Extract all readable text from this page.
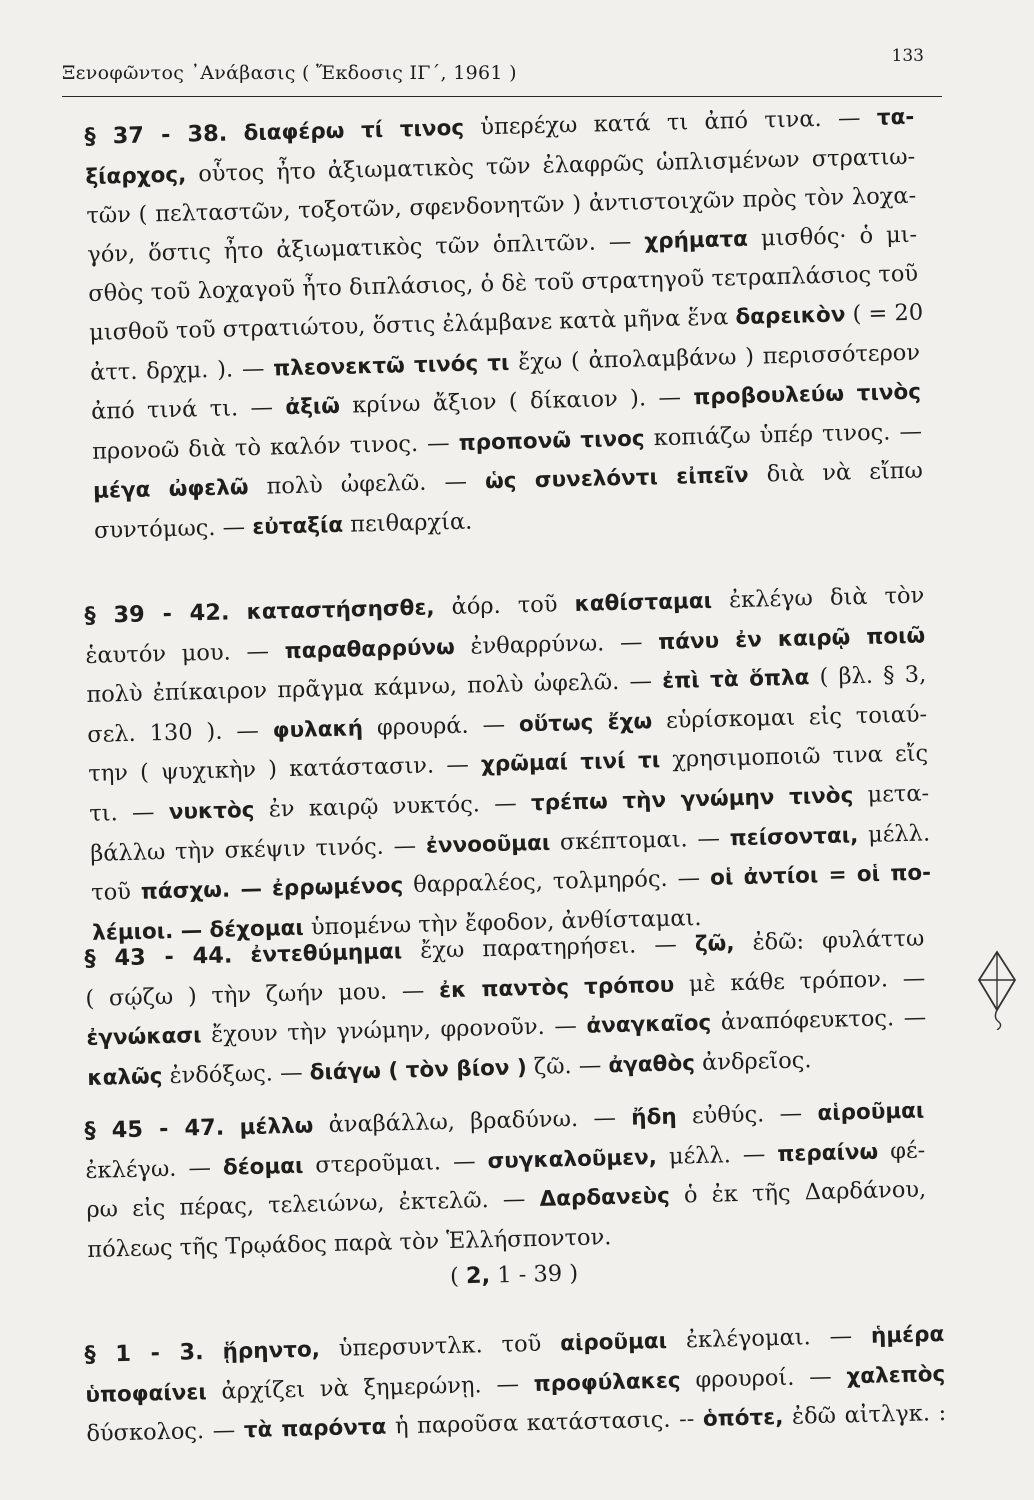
Ξενοφῶντος ᾿Ανάβασις ( Ἔκδοσις ΙΓ΄, 1961 )
133
§ 37 - 38. διαφέρω τί τινος ὑπερέχω κατά τι ἀπό τινα. — τα-
ξίαρχος, οὗτος ἦτο ἀξιωματικὸς τῶν ἐλαφρῶς ὡπλισμένων στρατιω-
τῶν ( πελταστῶν, τοξοτῶν, σφενδονητῶν ) ἀντιστοιχῶν πρὸς τὸν λοχα-
γόν, ὅστις ἦτο ἀξιωματικὸς τῶν ὁπλιτῶν. — χρήματα μισθός· ὁ μι-
σθὸς τοῦ λοχαγοῦ ἦτο διπλάσιος, ὁ δὲ τοῦ στρατηγοῦ τετραπλάσιος τοῦ
μισθοῦ τοῦ στρατιώτου, ὅστις ἐλάμβανε κατὰ μῆνα ἕνα δαρεικὸν ( = 20
ἀττ. δρχμ. ). — πλεονεκτῶ τινός τι ἔχω ( ἀπολαμβάνω ) περισσότερον
ἀπό τινά τι. — ἀξιῶ κρίνω ἄξιον ( δίκαιον ). — προβουλεύω τινὸς
προνοῶ διὰ τὸ καλόν τινος. — προπονῶ τινος κοπιάζω ὑπέρ τινος. —
μέγα ὠφελῶ πολὺ ὠφελῶ. — ὡς συνελόντι εἰπεῖν διὰ νὰ εἴπω
συντόμως. — εὐταξία πειθαρχία.
§ 39 - 42. καταστήσησθε, ἀόρ. τοῦ καθίσταμαι ἐκλέγω διὰ τὸν
ἑαυτόν μου. — παραθαρρύνω ἐνθαρρύνω. — πάνυ ἐν καιρῷ ποιῶ
πολὺ ἐπίκαιρον πρᾶγμα κάμνω, πολὺ ὠφελῶ. — ἐπὶ τὰ ὅπλα ( βλ. § 3,
σελ. 130 ). — φυλακή φρουρά. — οὕτως ἔχω εὑρίσκομαι εἰς τοιαύ-
την ( ψυχικὴν ) κατάστασιν. — χρῶμαί τινί τι χρησιμοποιῶ τινα εἴς
τι. — νυκτὸς ἐν καιρῷ νυκτός. — τρέπω τὴν γνώμην τινὸς μετα-
βάλλω τὴν σκέψιν τινός. — ἐννοοῦμαι σκέπτομαι. — πείσονται, μέλλ.
τοῦ πάσχω. — ἐρρωμένος θαρραλέος, τολμηρός. — οἱ ἀντίοι = οἱ πο-
λέμιοι. — δέχομαι ὑπομένω τὴν ἔφοδον, ἀνθίσταμαι.
§ 43 - 44. ἐντεθύμημαι ἔχω παρατηρήσει. — ζῶ, ἐδῶ: φυλάττω
( σῴζω ) τὴν ζωήν μου. — ἐκ παντὸς τρόπου μὲ κάθε τρόπον. —
ἐγνώκασι ἔχουν τὴν γνώμην, φρονοῦν. — ἀναγκαῖος ἀναπόφευκτος. —
καλῶς ἐνδόξως. — διάγω ( τὸν βίον ) ζῶ. — ἀγαθὸς ἀνδρεῖος.
§ 45 - 47. μέλλω ἀναβάλλω, βραδύνω. — ἤδη εὐθύς. — αἱροῦμαι
ἐκλέγω. — δέομαι στεροῦμαι. — συγκαλοῦμεν, μέλλ. — περαίνω φέ-
ρω εἰς πέρας, τελειώνω, ἐκτελῶ. — Δαρδανεὺς ὁ ἐκ τῆς Δαρδάνου,
πόλεως τῆς Τρῳάδος παρὰ τὸν Ἑλλήσποντον.
( 2, 1 - 39 )
§ 1 - 3. ᾕρηντο, ὑπερσυντλκ. τοῦ αἱροῦμαι ἐκλέγομαι. — ἡμέρα
ὑποφαίνει ἀρχίζει νὰ ξημερώνῃ. — προφύλακες φρουροί. — χαλεπὸς
δύσκολος. — τὰ παρόντα ἡ παροῦσα κατάστασις. -- ὁπότε, ἐδῶ αἰτλγκ. :
